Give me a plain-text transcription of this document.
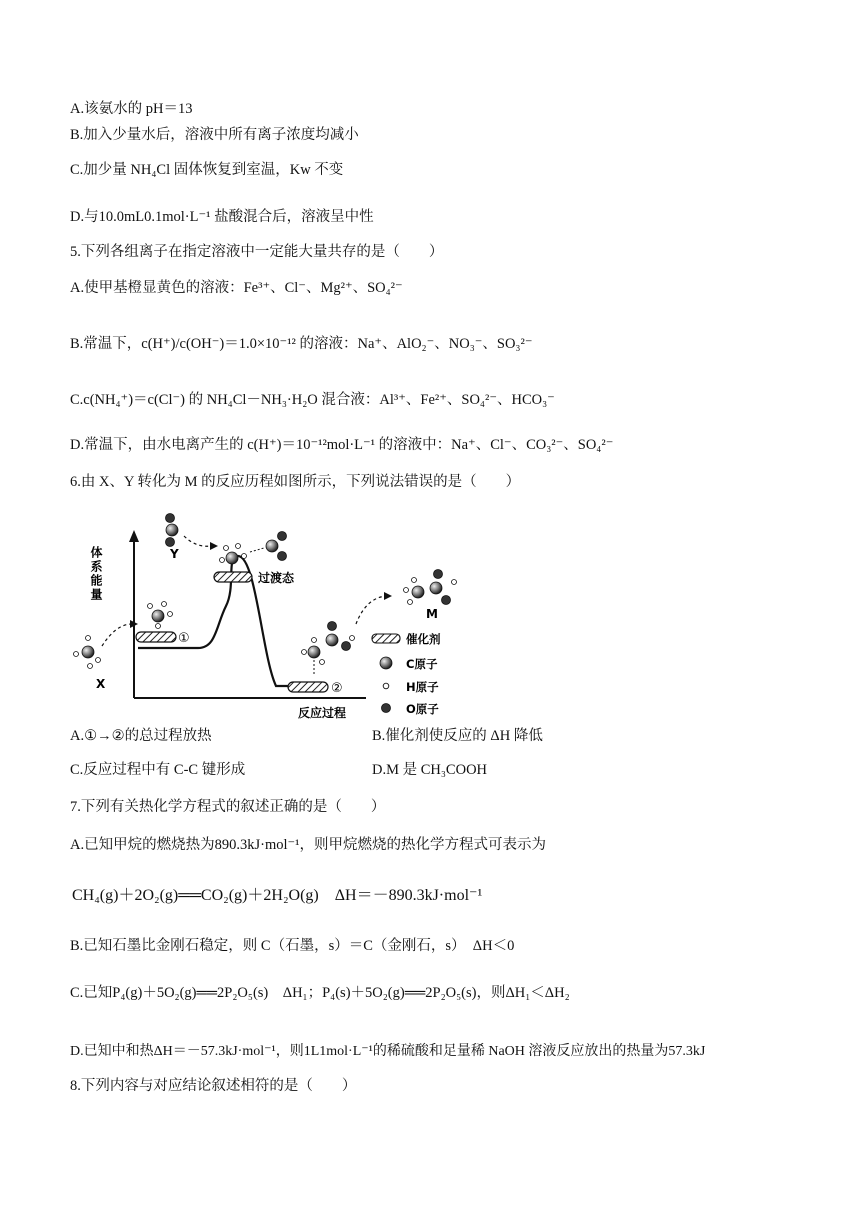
A.该氨水的 pH＝13
B.加入少量水后，溶液中所有离子浓度均减小
C.加少量 NH₄Cl 固体恢复到室温，Kw 不变
D.与10.0mL0.1mol·L⁻¹ 盐酸混合后，溶液呈中性
5.下列各组离子在指定溶液中一定能大量共存的是（　　）
A.使甲基橙显黄色的溶液：Fe³⁺、Cl⁻、Mg²⁺、SO₄²⁻
B.常温下，c(H⁺)/c(OH⁻)＝1.0×10⁻¹² 的溶液：Na⁺、AlO₂⁻、NO₃⁻、SO₃²⁻
C.c(NH₄⁺)＝c(Cl⁻) 的 NH₄Cl－NH₃·H₂O 混合液：Al³⁺、Fe²⁺、SO₄²⁻、HCO₃⁻
D.常温下，由水电离产生的 c(H⁺)＝10⁻¹²mol·L⁻¹ 的溶液中：Na⁺、Cl⁻、CO₃²⁻、SO₄²⁻
6.由 X、Y 转化为 M 的反应历程如图所示，下列说法错误的是（　　）
体系能量
反应过程
①
过渡态
②
X
Y
M
催化剂
C原子
H原子
O原子
A.①→②的总过程放热	B.催化剂使反应的 ΔH 降低
C.反应过程中有 C-C 键形成	D.M 是 CH₃COOH
7.下列有关热化学方程式的叙述正确的是（　　）
A.已知甲烷的燃烧热为890.3kJ·mol⁻¹，则甲烷燃烧的热化学方程式可表示为
CH₄(g)＋2O₂(g)══CO₂(g)＋2H₂O(g)　ΔH＝－890.3kJ·mol⁻¹
B.已知石墨比金刚石稳定，则 C（石墨，s）＝C（金刚石，s）　ΔH＜0
C.已知P₄(g)＋5O₂(g)══2P₂O₅(s)　ΔH₁；P₄(s)＋5O₂(g)══2P₂O₅(s)，则ΔH₁＜ΔH₂
D.已知中和热ΔH＝－57.3kJ·mol⁻¹，则1L1mol·L⁻¹的稀硫酸和足量稀 NaOH 溶液反应放出的热量为57.3kJ
8.下列内容与对应结论叙述相符的是（　　）
